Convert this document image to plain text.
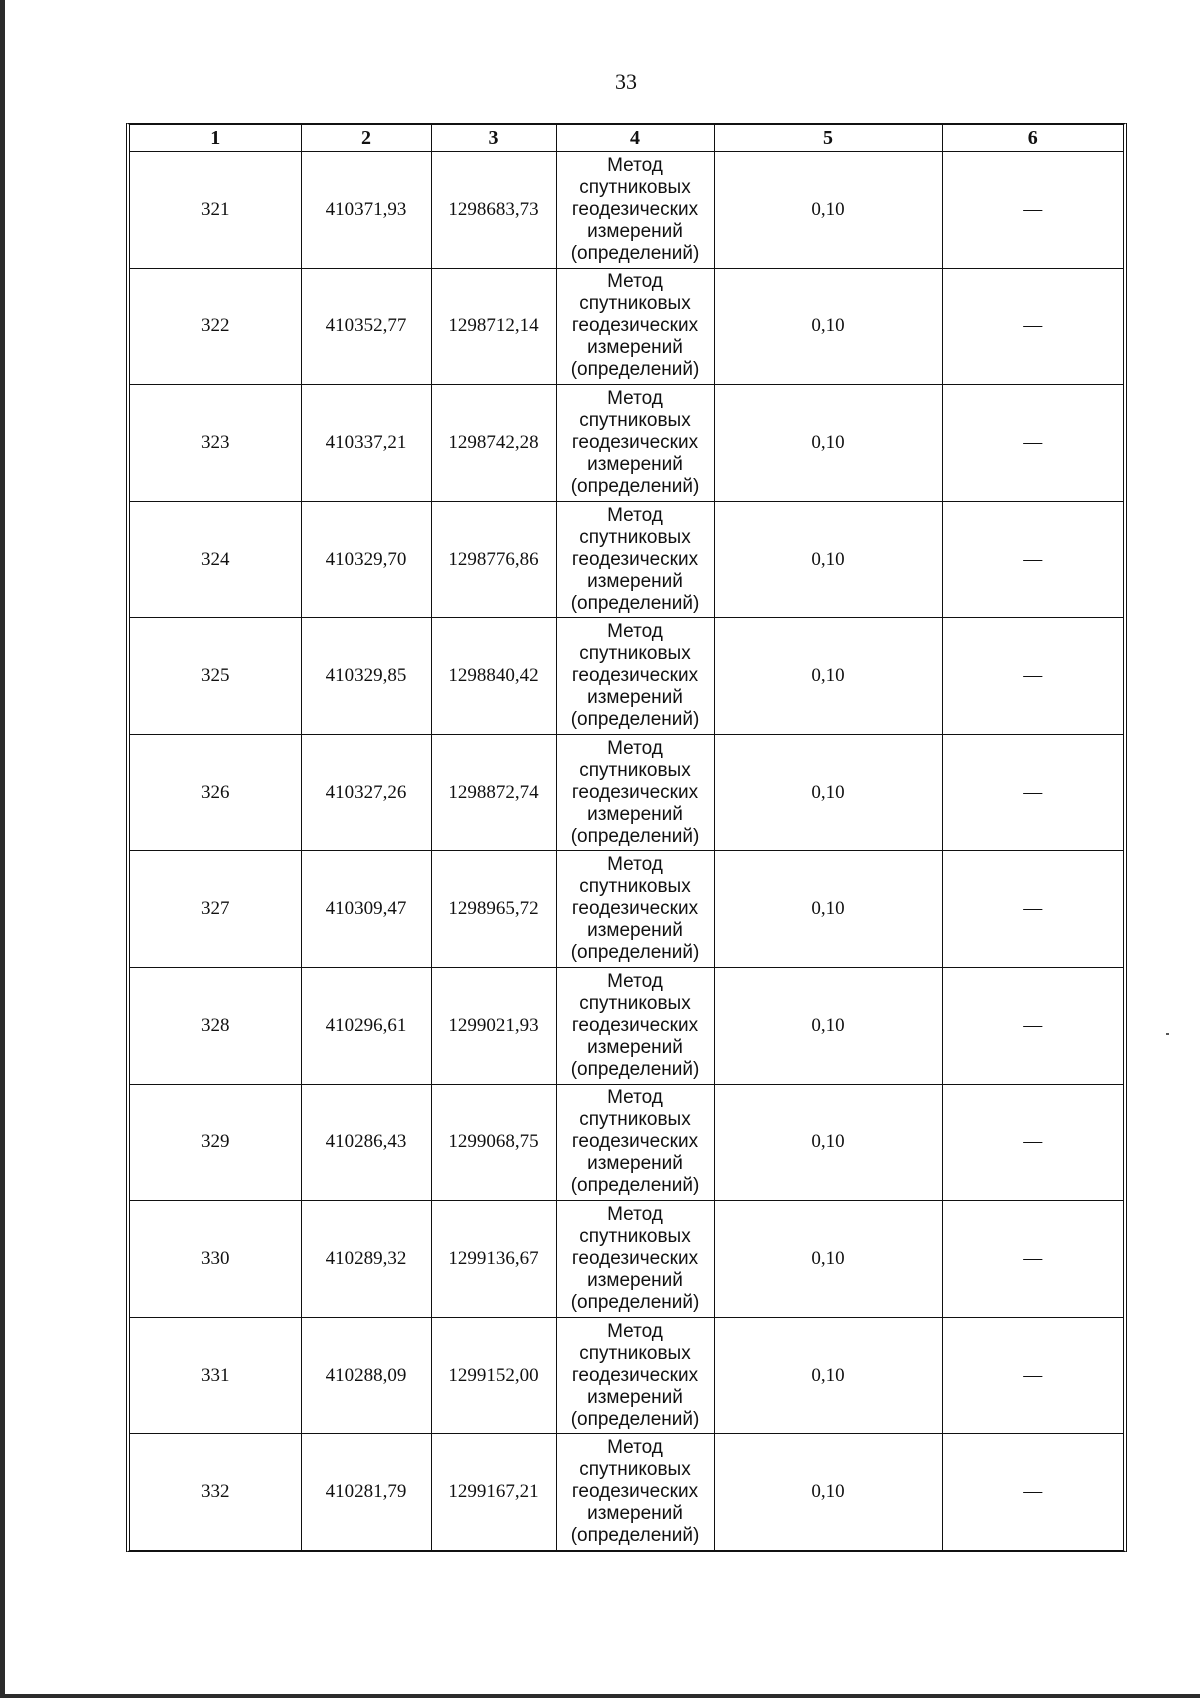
33
1	2	3	4	5	6
321	410371,93	1298683,73	Метод
спутниковых
геодезических
измерений
(определений)	0,10	—
322	410352,77	1298712,14	Метод
спутниковых
геодезических
измерений
(определений)	0,10	—
323	410337,21	1298742,28	Метод
спутниковых
геодезических
измерений
(определений)	0,10	—
324	410329,70	1298776,86	Метод
спутниковых
геодезических
измерений
(определений)	0,10	—
325	410329,85	1298840,42	Метод
спутниковых
геодезических
измерений
(определений)	0,10	—
326	410327,26	1298872,74	Метод
спутниковых
геодезических
измерений
(определений)	0,10	—
327	410309,47	1298965,72	Метод
спутниковых
геодезических
измерений
(определений)	0,10	—
328	410296,61	1299021,93	Метод
спутниковых
геодезических
измерений
(определений)	0,10	—
329	410286,43	1299068,75	Метод
спутниковых
геодезических
измерений
(определений)	0,10	—
330	410289,32	1299136,67	Метод
спутниковых
геодезических
измерений
(определений)	0,10	—
331	410288,09	1299152,00	Метод
спутниковых
геодезических
измерений
(определений)	0,10	—
332	410281,79	1299167,21	Метод
спутниковых
геодезических
измерений
(определений)	0,10	—
